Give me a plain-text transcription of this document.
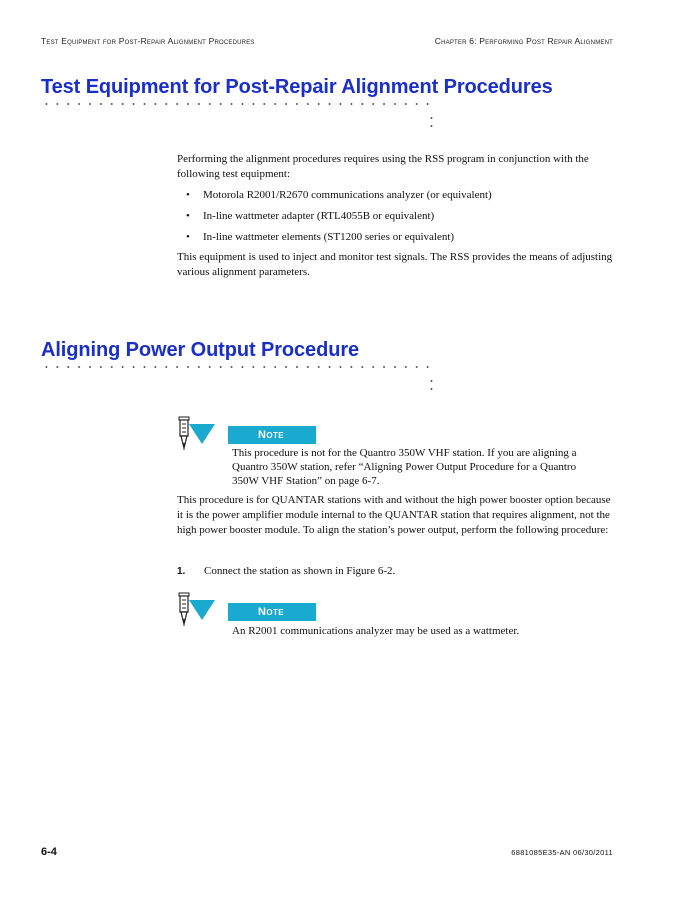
Test Equipment for Post-Repair Alignment Procedures	Chapter 6: Performing Post Repair Alignment
Test Equipment for Post-Repair Alignment Procedures

Performing the alignment procedures requires using the RSS program in conjunction with the following test equipment:

• Motorola R2001/R2670 communications analyzer (or equivalent)
• In-line wattmeter adapter (RTL4055B or equivalent)
• In-line wattmeter elements (ST1200 series or equivalent)

This equipment is used to inject and monitor test signals. The RSS provides the means of adjusting various alignment parameters.

Aligning Power Output Procedure
Note

This procedure is not for the Quantro 350W VHF station. If you are aligning a Quantro 350W station, refer “Aligning Power Output Procedure for a Quantro 350W VHF Station” on page 6-7.

This procedure is for QUANTAR stations with and without the high power booster option because it is the power amplifier module internal to the QUANTAR station that requires alignment, not the high power booster module. To align the station’s power output, perform the following procedure:

1. Connect the station as shown in Figure 6-2.
Note

An R2001 communications analyzer may be used as a wattmeter.

6-4	6881085E35-AN 06/30/2011
